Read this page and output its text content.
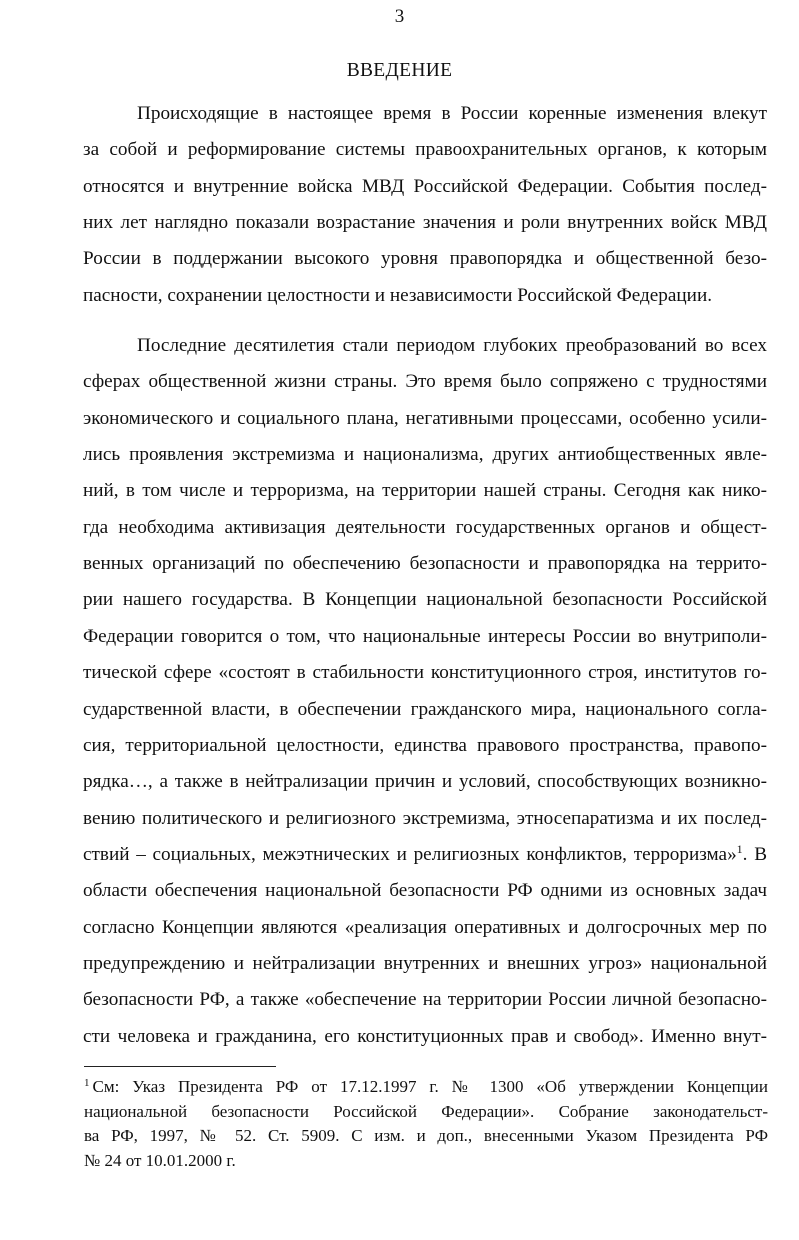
3
ВВЕДЕНИЕ
Происходящие в настоящее время в России коренные изменения влекут
за собой и реформирование системы правоохранительных органов, к которым
относятся и внутренние войска МВД Российской Федерации. События послед-
них лет наглядно показали возрастание значения и роли внутренних войск МВД
России в поддержании высокого уровня правопорядка и общественной безо-
пасности, сохранении целостности и независимости Российской Федерации.
Последние десятилетия стали периодом глубоких преобразований во всех
сферах общественной жизни страны. Это время было сопряжено с трудностями
экономического и социального плана, негативными процессами, особенно усили-
лись проявления экстремизма и национализма, других антиобщественных явле-
ний, в том числе и терроризма, на территории нашей страны. Сегодня как нико-
гда необходима активизация деятельности государственных органов и общест-
венных организаций по обеспечению безопасности и правопорядка на террито-
рии нашего государства. В Концепции национальной безопасности Российской
Федерации говорится о том, что национальные интересы России во внутриполи-
тической сфере «состоят в стабильности конституционного строя, институтов го-
сударственной власти, в обеспечении гражданского мира, национального согла-
сия, территориальной целостности, единства правового пространства, правопо-
рядка…, а также в нейтрализации причин и условий, способствующих возникно-
вению политического и религиозного экстремизма, этносепаратизма и их послед-
ствий – социальных, межэтнических и религиозных конфликтов, терроризма»$^1$. В
области обеспечения национальной безопасности РФ одними из основных задач
согласно Концепции являются «реализация оперативных и долгосрочных мер по
предупреждению и нейтрализации внутренних и внешних угроз» национальной
безопасности РФ, а также «обеспечение на территории России личной безопасно-
сти человека и гражданина, его конституционных прав и свобод». Именно внут-
$^1$ См: Указ Президента РФ от 17.12.1997 г. № 1300 «Об утверждении Концепции
национальной безопасности Российской Федерации». Собрание законодательст-
ва РФ, 1997, № 52. Ст. 5909. С изм. и доп., внесенными Указом Президента РФ
№ 24 от 10.01.2000 г.
